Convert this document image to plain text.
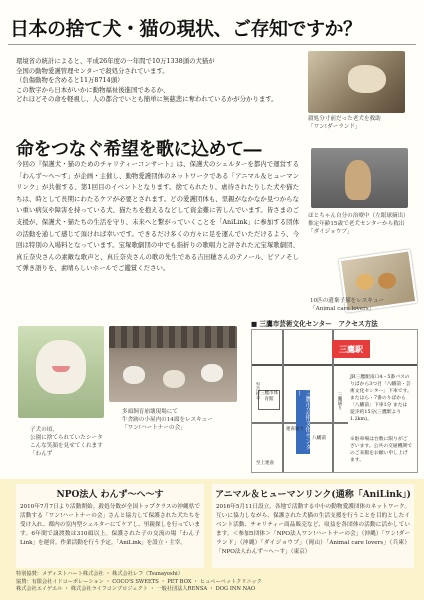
日本の捨て犬・猫の現状、ご存知ですか？
環境省の統計によると、平成26年度の一年間で10万1338頭の犬猫が
全国の動物愛護管理センターで殺処分されています。
（負傷動物を含めると11万8714頭）
この数字から日本がいかに動物福祉後進国であるか、
どれほどその命を軽視し、人の都合でいとも簡単に無慈悲に奪われているかが分かります。
殺処分寸前だった老犬を救助
「ワン!ダーランド」
命をつなぐ希望を歌に込めて―
今回の『保護犬・猫のためのチャリティーコンサート』は、保護犬のシェルターを都内で運営する「わんず〜へ〜す」が企画・主催し、動物愛護団体のネットワークである「アニマル＆ヒューマンリンク」が共催する、第1回目のイベントとなります。捨てられたり、虐待されたりした犬や猫たちは、時として長期にわたるケアが必要とされます。どの愛護団体も、里親がなかなか見つからない重い病気や障害を持っている犬、猫たちを抱えるなどして資金難に苦しんでいます。皆さまのご支援が、保護犬・猫たちの生活を守り、未来へと繋がっていくことを「AniLink」に参加する団体の活動を通して感じて頂ければ幸いです。できるだけ多くの方々に足を運んでいただけるよう、今回は特別の入場料となっています。宝塚歌劇団の中でも指折りの歌唱力と評された元宝塚歌劇団、真丘奈央さんの素敵な歌声と、真丘奈央さんの歌の先生である吉田穂さんのテノール、ピアノそして弾き語りを、素晴らしいホールでご鑑賞ください。
ほとちゃん自分の治療中（左眼球摘出）
推定年齢15歳で老犬センターから救出
「ダイジョウブ」
10匹の遺棄子猫をレスキュー
「Animal care lovers」
子犬の頃、
公園に捨てられていたシータ
こんな笑顔を見せてくれます
「わんず
多頭飼育崩壊現場にて
牛舎跡の小屋内の14頭をレスキュー
「ワン!ハートナーの会」
■ 三鷹市芸術文化センター　アクセス方法
三鷹駅
三鷹市芸術文化センター
三鷹市体育館
八幡前
至吉祥寺
三鷹通り
連雀通り
至上連雀
JR三鷹駅南口4・5番バスのりばから3つ目「八幡前・芸術文化センター」下車です。またはら・7番のりばから「八幡前」下車1分 または徒歩約15分(三鷹駅より1.2km)。
※駐車場は台数に限りがございます。公共の交通機関でのご来館をお願い申し上げます。
NPO法人 わんず〜へ〜す
2010年7月7日より活動開始。殺処分数が全国トップクラスの沖縄県で活動する「ワン!ハートナーの会」さんと協力して保護された犬たちを受け入れ、都内の室内型シェルターにてケアし、里親探しを行っています。6年間で譲渡数は310頭以上。保護された子の交流の場「わん子Link」を運営。作業活動を行う予定。「AniLink」を設立・主宰。
アニマル＆ヒューマンリンク(通称「AniLink」)
2016年5月11日設立。各地で活動する中小の動物愛護団体のネットワーク。互いに協力しながら、保護された犬猫の生活支援を行うことを目的としたイベント活動、チャリティー商品販売など、収益を各団体の活動に活かしています。＜参加5団体＞「NPO法人ワン!ハートナーの会」（沖縄）「ワン!ダーランド」（沖縄）「ダイジョウブ」（岡山）「Animal care lovers」（兵庫）「NPO法人わんず〜へ〜す」（東京）
特別協賛：メディストハート株式会社 ・ 株式会社レフ（Tsunayoshi）
協賛：有限会社イドコーポレーション ・ COCO'S SWEETS ・ PET BOX ・ ヒュペーペットクリニック
株式会社エイゲエル ・ 株式会社ライフコンプロジェクト ・ 一般社団法人RENSA ・ DOG INN NAO
